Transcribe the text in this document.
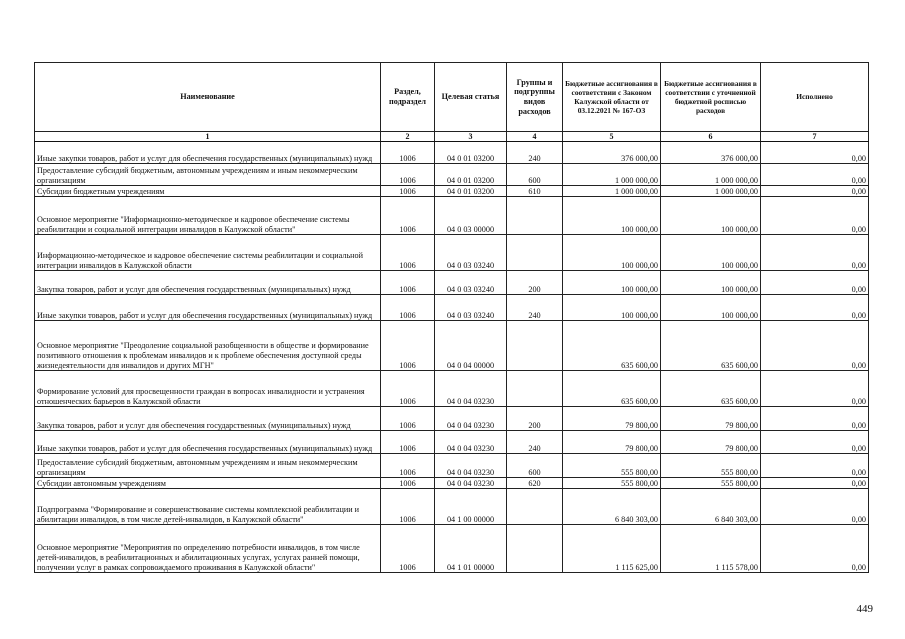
Наименование	Раздел, подраздел	Целевая статья	Группы и подгруппы видов расходов	Бюджетные ассигнования в соответствии с Законом Калужской области от 03.12.2021 № 167-ОЗ	Бюджетные ассигнования в соответствии с уточненной бюджетной росписью расходов	Исполнено
1	2	3	4	5	6	7
Иные закупки товаров, работ и услуг для обеспечения государственных (муниципальных) нужд	1006	04 0 01 03200	240	376 000,00	376 000,00	0,00
Предоставление субсидий бюджетным, автономным учреждениям и иным некоммерческим организациям	1006	04 0 01 03200	600	1 000 000,00	1 000 000,00	0,00
Субсидии бюджетным учреждениям	1006	04 0 01 03200	610	1 000 000,00	1 000 000,00	0,00
Основное мероприятие "Информационно-методическое и кадровое обеспечение системы реабилитации и социальной интеграции инвалидов в Калужской области"	1006	04 0 03 00000		100 000,00	100 000,00	0,00
Информационно-методическое и кадровое обеспечение системы реабилитации и социальной интеграции инвалидов в Калужской области	1006	04 0 03 03240		100 000,00	100 000,00	0,00
Закупка товаров, работ и услуг для обеспечения государственных (муниципальных) нужд	1006	04 0 03 03240	200	100 000,00	100 000,00	0,00
Иные закупки товаров, работ и услуг для обеспечения государственных (муниципальных) нужд	1006	04 0 03 03240	240	100 000,00	100 000,00	0,00
Основное мероприятие "Преодоление социальной разобщенности в обществе и формирование позитивного отношения к проблемам инвалидов и к проблеме обеспечения доступной среды жизнедеятельности для инвалидов и других МГН"	1006	04 0 04 00000		635 600,00	635 600,00	0,00
Формирование условий для просвещенности граждан в вопросах инвалидности и устранения отношенческих барьеров в Калужской области	1006	04 0 04 03230		635 600,00	635 600,00	0,00
Закупка товаров, работ и услуг для обеспечения государственных (муниципальных) нужд	1006	04 0 04 03230	200	79 800,00	79 800,00	0,00
Иные закупки товаров, работ и услуг для обеспечения государственных (муниципальных) нужд	1006	04 0 04 03230	240	79 800,00	79 800,00	0,00
Предоставление субсидий бюджетным, автономным учреждениям и иным некоммерческим организациям	1006	04 0 04 03230	600	555 800,00	555 800,00	0,00
Субсидии автономным учреждениям	1006	04 0 04 03230	620	555 800,00	555 800,00	0,00
Подпрограмма "Формирование и совершенствование системы комплексной реабилитации и абилитации инвалидов, в том числе детей-инвалидов, в Калужской области"	1006	04 1 00 00000		6 840 303,00	6 840 303,00	0,00
Основное мероприятие "Мероприятия по определению потребности инвалидов, в том числе детей-инвалидов, в реабилитационных и абилитационных услугах, услугах ранней помощи, получении услуг в рамках сопровождаемого проживания в Калужской области"	1006	04 1 01 00000		1 115 625,00	1 115 578,00	0,00
449
